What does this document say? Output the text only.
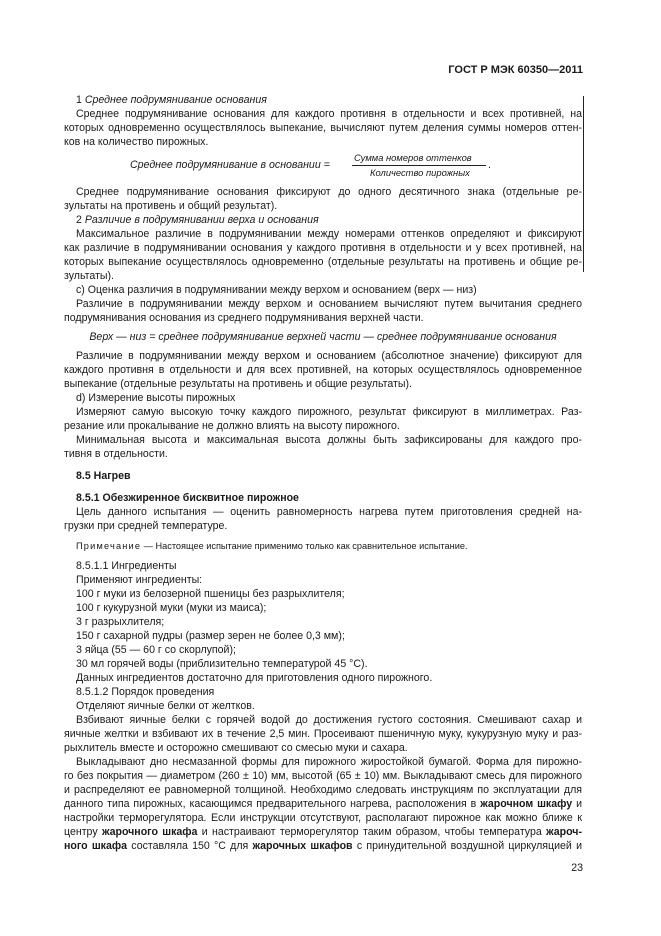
ГОСТ Р МЭК 60350—2011
1 Среднее подрумянивание основания
Среднее подрумянивание основания для каждого противня в отдельности и всех противней, на
которых одновременно осуществлялось выпекание, вычисляют путем деления суммы номеров оттен-
ков на количество пирожных.
Среднее подрумянивание в основании =
Сумма номеров оттенков
Количество пирожных
.
Среднее подрумянивание основания фиксируют до одного десятичного знака (отдельные ре-
зультаты на противень и общий результат).
2 Различие в подрумянивании верха и основания
Максимальное различие в подрумянивании между номерами оттенков определяют и фиксируют
как различие в подрумянивании основания у каждого противня в отдельности и у всех противней, на
которых выпекание осуществлялось одновременно (отдельные результаты на противень и общие ре-
зультаты).
c) Оценка различия в подрумянивании между верхом и основанием (верх — низ)
Различие в подрумянивании между верхом и основанием вычисляют путем вычитания среднего
подрумянивания основания из среднего подрумянивания верхней части.
Верх — низ = среднее подрумянивание верхней части — среднее подрумянивание основания
Различие в подрумянивании между верхом и основанием (абсолютное значение) фиксируют для
каждого противня в отдельности и для всех противней, на которых осуществлялось одновременное
выпекание (отдельные результаты на противень и общие результаты).
d) Измерение высоты пирожных
Измеряют самую высокую точку каждого пирожного, результат фиксируют в миллиметрах. Раз-
резание или прокалывание не должно влиять на высоту пирожного.
Минимальная высота и максимальная высота должны быть зафиксированы для каждого про-
тивня в отдельности.
8.5 Нагрев
8.5.1 Обезжиренное бисквитное пирожное
Цель данного испытания — оценить равномерность нагрева путем приготовления средней на-
грузки при средней температуре.
Примечание — Настоящее испытание применимо только как сравнительное испытание.
8.5.1.1 Ингредиенты
Применяют ингредиенты:
100 г муки из белозерной пшеницы без разрыхлителя;
100 г кукурузной муки (муки из маиса);
3 г разрыхлителя;
150 г сахарной пудры (размер зерен не более 0,3 мм);
3 яйца (55 — 60 г со скорлупой);
30 мл горячей воды (приблизительно температурой 45 °C).
Данных ингредиентов достаточно для приготовления одного пирожного.
8.5.1.2 Порядок проведения
Отделяют яичные белки от желтков.
Взбивают яичные белки с горячей водой до достижения густого состояния. Смешивают сахар и
яичные желтки и взбивают их в течение 2,5 мин. Просеивают пшеничную муку, кукурузную муку и раз-
рыхлитель вместе и осторожно смешивают со смесью муки и сахара.
Выкладывают дно несмазанной формы для пирожного жиростойкой бумагой. Форма для пирожно-
го без покрытия — диаметром (260 ± 10) мм, высотой (65 ± 10) мм. Выкладывают смесь для пирожного
и распределяют ее равномерной толщиной. Необходимо следовать инструкциям по эксплуатации для
данного типа пирожных, касающимся предварительного нагрева, расположения в жарочном шкафу и
настройки терморегулятора. Если инструкции отсутствуют, располагают пирожное как можно ближе к
центру жарочного шкафа и настраивают терморегулятор таким образом, чтобы температура жароч-
ного шкафа составляла 150 °C для жарочных шкафов с принудительной воздушной циркуляцией и
23
